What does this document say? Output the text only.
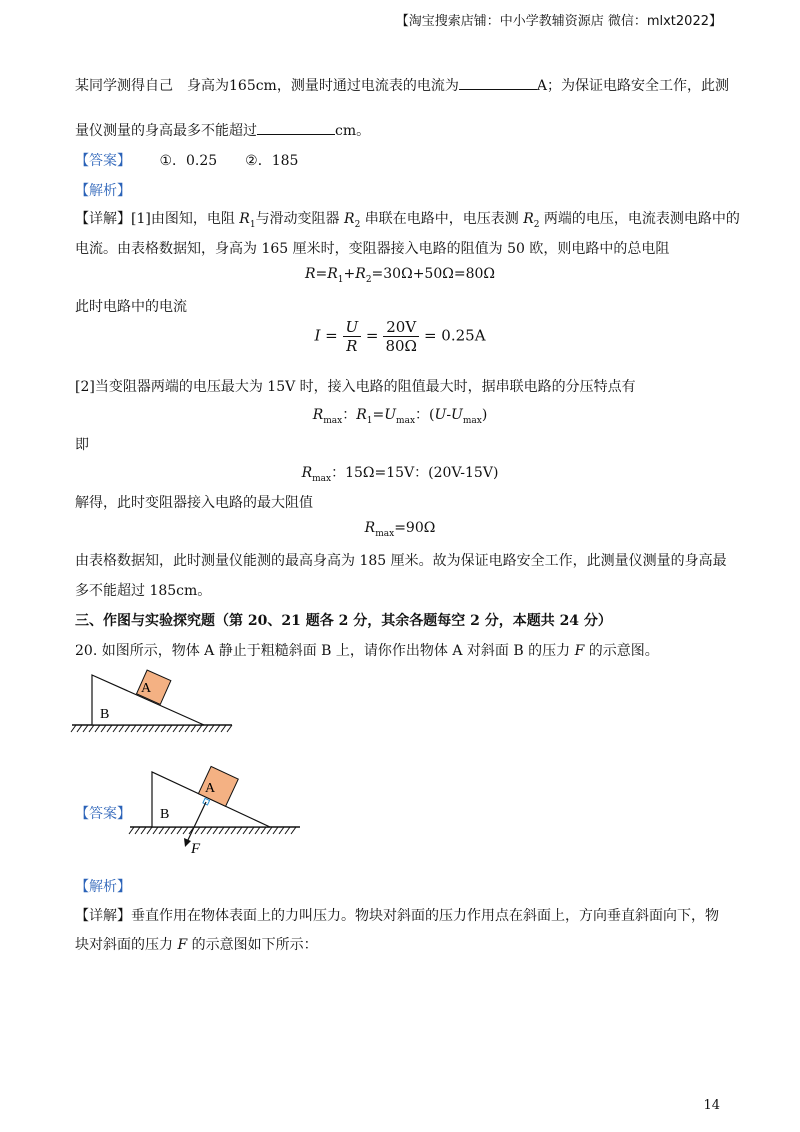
【淘宝搜索店铺：中小学教辅资源店 微信：mlxt2022】
某同学测得自己　身高为165cm，测量时通过电流表的电流为	A；为保证电路安全工作，此测
量仪测量的身高最多不能超过	cm。
【答案】 ①．0.25　　②．185
【解析】
【详解】[1]由图知，电阻 $R_1$与滑动变阻器 $R_2$ 串联在电路中，电压表测 $R_2$ 两端的电压，电流表测电路中的
电流。由表格数据知，身高为 165 厘米时，变阻器接入电路的阻值为 50 欧，则电路中的总电阻
$R=R_1+R_2=30\Omega+50\Omega=80\Omega$
此时电路中的电流
$I = \frac{U}{R} = \frac{20V}{80\Omega} = 0.25A$
[2]当变阻器两端的电压最大为 15V 时，接入电路的阻值最大时，据串联电路的分压特点有
$R_{max}$：$R_1=U_{max}$：$(U-U_{max})$
即
$R_{max}$：15Ω=15V：(20V-15V)
解得，此时变阻器接入电路的最大阻值
$R_{max}=90\Omega$
由表格数据知，此时测量仪能测的最高身高为 185 厘米。故为保证电路安全工作，此测量仪测量的身高最
多不能超过 185cm。
三、作图与实验探究题（第 20、21 题各 2 分，其余各题每空 2 分，本题共 24 分）
20. 如图所示，物体 A 静止于粗糙斜面 B 上，请你作出物体 A 对斜面 B 的压力 F 的示意图。
A
B
【答案】
A
B
F
【解析】
【详解】垂直作用在物体表面上的力叫压力。物块对斜面的压力作用点在斜面上，方向垂直斜面向下，物
块对斜面的压力 F 的示意图如下所示：
14
